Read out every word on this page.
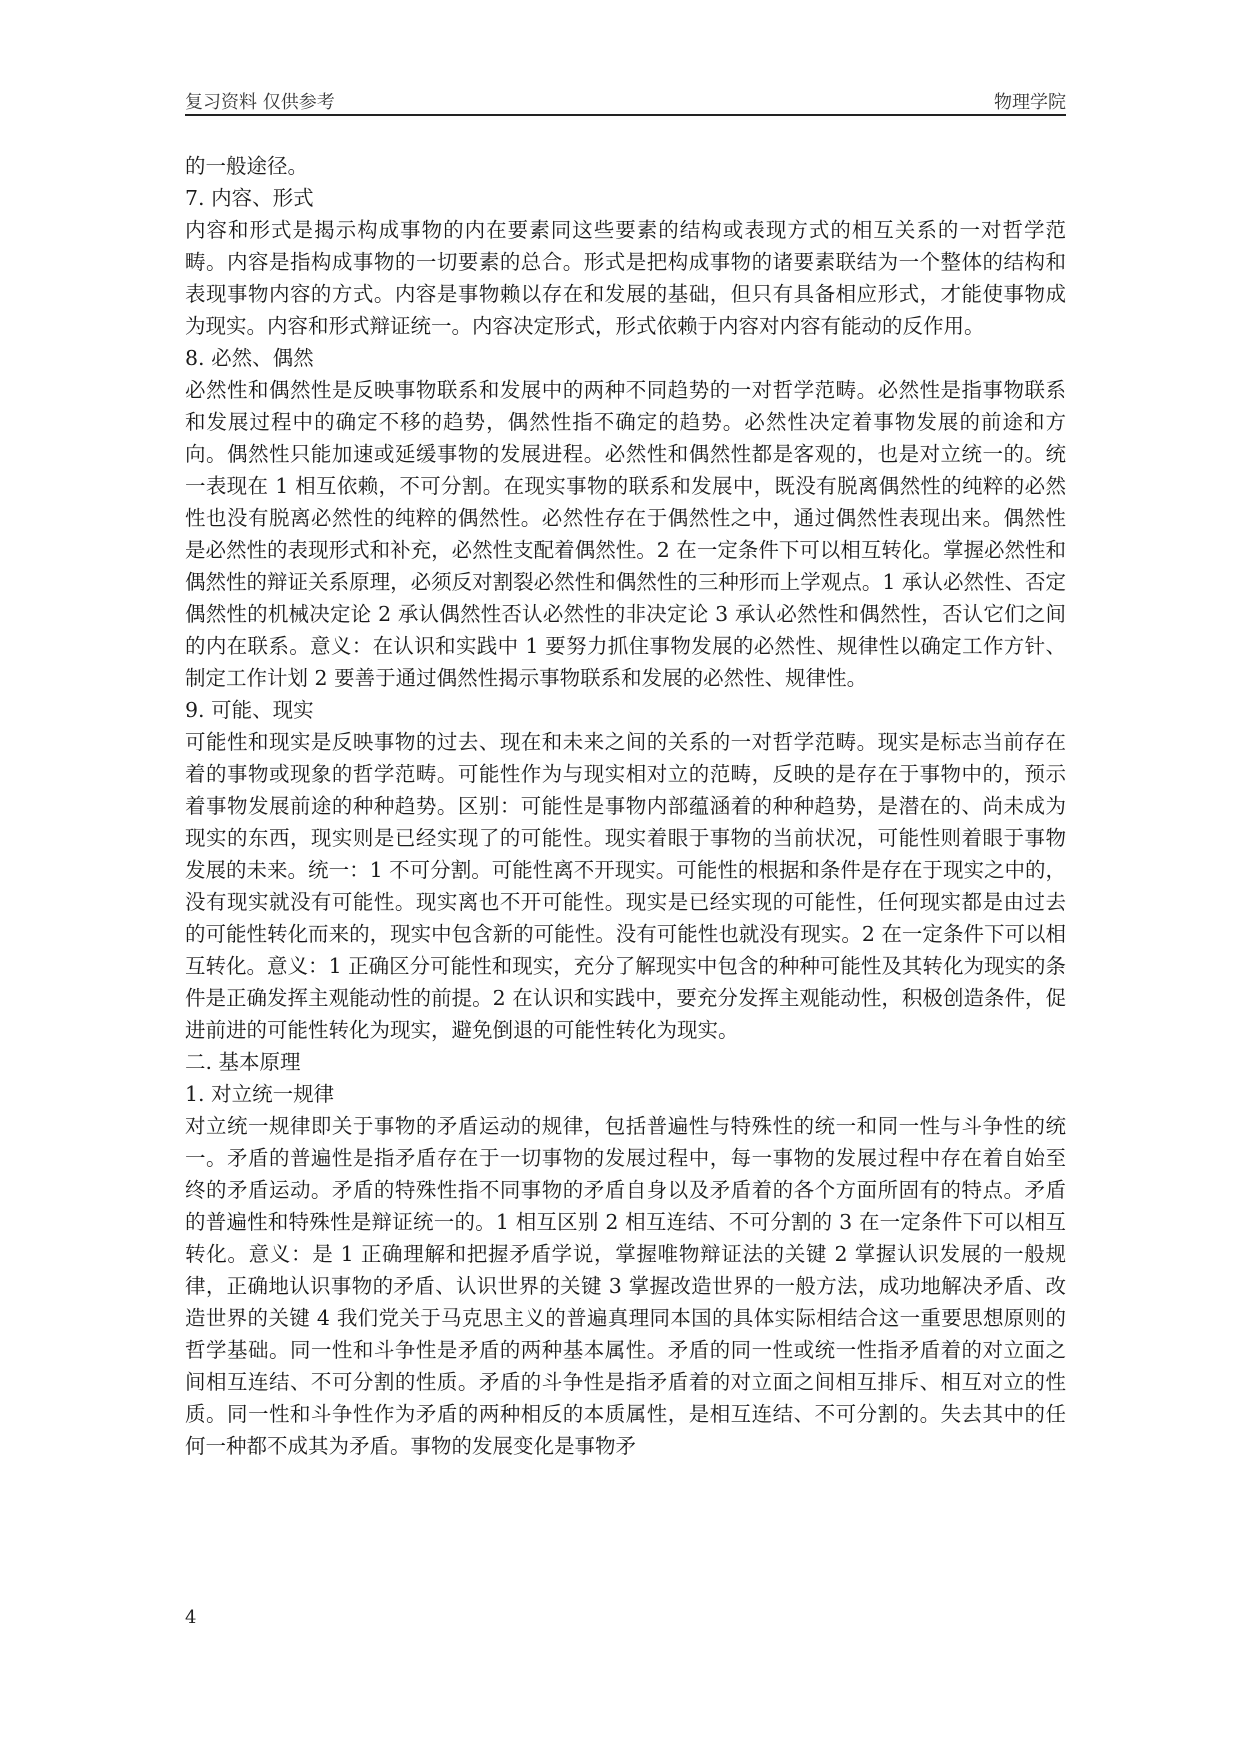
复习资料 仅供参考	物理学院

的一般途径。

7. 内容、形式

内容和形式是揭示构成事物的内在要素同这些要素的结构或表现方式的相互关系的一对哲学范畴。内容是指构成事物的一切要素的总合。形式是把构成事物的诸要素联结为一个整体的结构和表现事物内容的方式。内容是事物赖以存在和发展的基础，但只有具备相应形式，才能使事物成为现实。内容和形式辩证统一。内容决定形式，形式依赖于内容对内容有能动的反作用。

8. 必然、偶然

必然性和偶然性是反映事物联系和发展中的两种不同趋势的一对哲学范畴。必然性是指事物联系和发展过程中的确定不移的趋势，偶然性指不确定的趋势。必然性决定着事物发展的前途和方向。偶然性只能加速或延缓事物的发展进程。必然性和偶然性都是客观的，也是对立统一的。统一表现在 1 相互依赖，不可分割。在现实事物的联系和发展中，既没有脱离偶然性的纯粹的必然性也没有脱离必然性的纯粹的偶然性。必然性存在于偶然性之中，通过偶然性表现出来。偶然性是必然性的表现形式和补充，必然性支配着偶然性。2 在一定条件下可以相互转化。掌握必然性和偶然性的辩证关系原理，必须反对割裂必然性和偶然性的三种形而上学观点。1 承认必然性、否定偶然性的机械决定论 2 承认偶然性否认必然性的非决定论 3 承认必然性和偶然性，否认它们之间的内在联系。意义：在认识和实践中 1 要努力抓住事物发展的必然性、规律性以确定工作方针、制定工作计划 2 要善于通过偶然性揭示事物联系和发展的必然性、规律性。

9. 可能、现实

可能性和现实是反映事物的过去、现在和未来之间的关系的一对哲学范畴。现实是标志当前存在着的事物或现象的哲学范畴。可能性作为与现实相对立的范畴，反映的是存在于事物中的，预示着事物发展前途的种种趋势。区别：可能性是事物内部蕴涵着的种种趋势，是潜在的、尚未成为现实的东西，现实则是已经实现了的可能性。现实着眼于事物的当前状况，可能性则着眼于事物发展的未来。统一：1 不可分割。可能性离不开现实。可能性的根据和条件是存在于现实之中的，没有现实就没有可能性。现实离也不开可能性。现实是已经实现的可能性，任何现实都是由过去的可能性转化而来的，现实中包含新的可能性。没有可能性也就没有现实。2 在一定条件下可以相互转化。意义：1 正确区分可能性和现实，充分了解现实中包含的种种可能性及其转化为现实的条件是正确发挥主观能动性的前提。2 在认识和实践中，要充分发挥主观能动性，积极创造条件，促进前进的可能性转化为现实，避免倒退的可能性转化为现实。

二. 基本原理

1. 对立统一规律

对立统一规律即关于事物的矛盾运动的规律，包括普遍性与特殊性的统一和同一性与斗争性的统一。矛盾的普遍性是指矛盾存在于一切事物的发展过程中，每一事物的发展过程中存在着自始至终的矛盾运动。矛盾的特殊性指不同事物的矛盾自身以及矛盾着的各个方面所固有的特点。矛盾的普遍性和特殊性是辩证统一的。1 相互区别 2 相互连结、不可分割的 3 在一定条件下可以相互转化。意义：是 1 正确理解和把握矛盾学说，掌握唯物辩证法的关键 2 掌握认识发展的一般规律，正确地认识事物的矛盾、认识世界的关键 3 掌握改造世界的一般方法，成功地解决矛盾、改造世界的关键 4 我们党关于马克思主义的普遍真理同本国的具体实际相结合这一重要思想原则的哲学基础。同一性和斗争性是矛盾的两种基本属性。矛盾的同一性或统一性指矛盾着的对立面之间相互连结、不可分割的性质。矛盾的斗争性是指矛盾着的对立面之间相互排斥、相互对立的性质。同一性和斗争性作为矛盾的两种相反的本质属性，是相互连结、不可分割的。失去其中的任何一种都不成其为矛盾。事物的发展变化是事物矛

4
